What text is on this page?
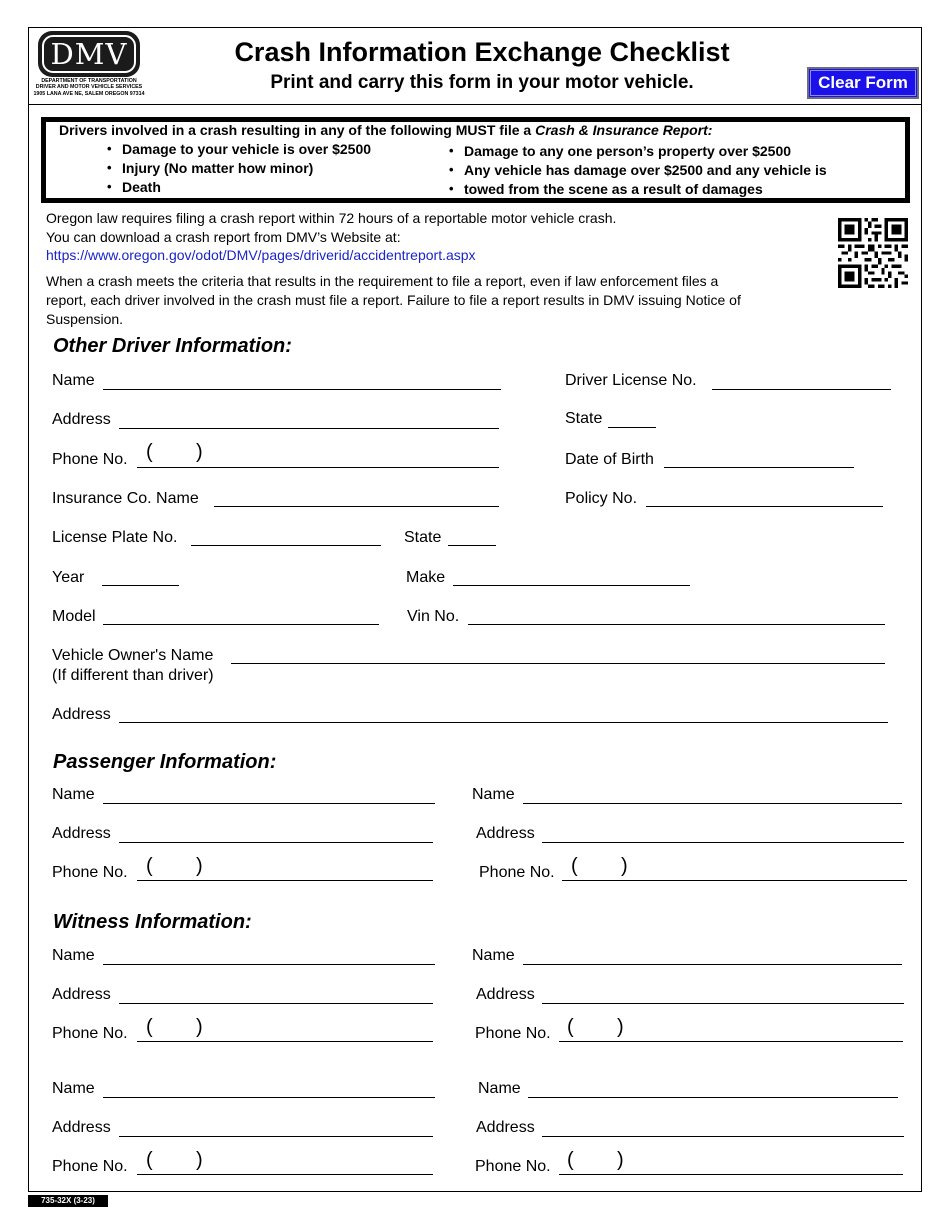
DMV
DEPARTMENT OF TRANSPORTATION
DRIVER AND MOTOR VEHICLE SERVICES
1905 LANA AVE NE, SALEM OREGON 97314
Crash Information Exchange Checklist
Print and carry this form in your motor vehicle.	Clear Form
Drivers involved in a crash resulting in any of the following MUST file a Crash & Insurance Report:
• Damage to your vehicle is over $2500
• Injury (No matter how minor)
• Death
• Damage to any one person’s property over $2500
• Any vehicle has damage over $2500 and any vehicle is
• towed from the scene as a result of damages
Oregon law requires filing a crash report within 72 hours of a reportable motor vehicle crash.
You can download a crash report from DMV’s Website at:
https://www.oregon.gov/odot/DMV/pages/driverid/accidentreport.aspx
When a crash meets the criteria that results in the requirement to file a report, even if law enforcement files a
report, each driver involved in the crash must file a report. Failure to file a report results in DMV issuing Notice of
Suspension.
Other Driver Information:
Name	Driver License No.
Address	State
Phone No. ( )	Date of Birth
Insurance Co. Name	Policy No.
License Plate No.	State
Year	Make
Model	Vin No.
Vehicle Owner's Name
(If different than driver)
Address
Passenger Information:
Name	Name
Address	Address
Phone No. ( )	Phone No. ( )
Witness Information:
Name	Name
Address	Address
Phone No. ( )	Phone No. ( )
Name	Name
Address	Address
Phone No. ( )	Phone No. ( )
735-32X (3-23)
